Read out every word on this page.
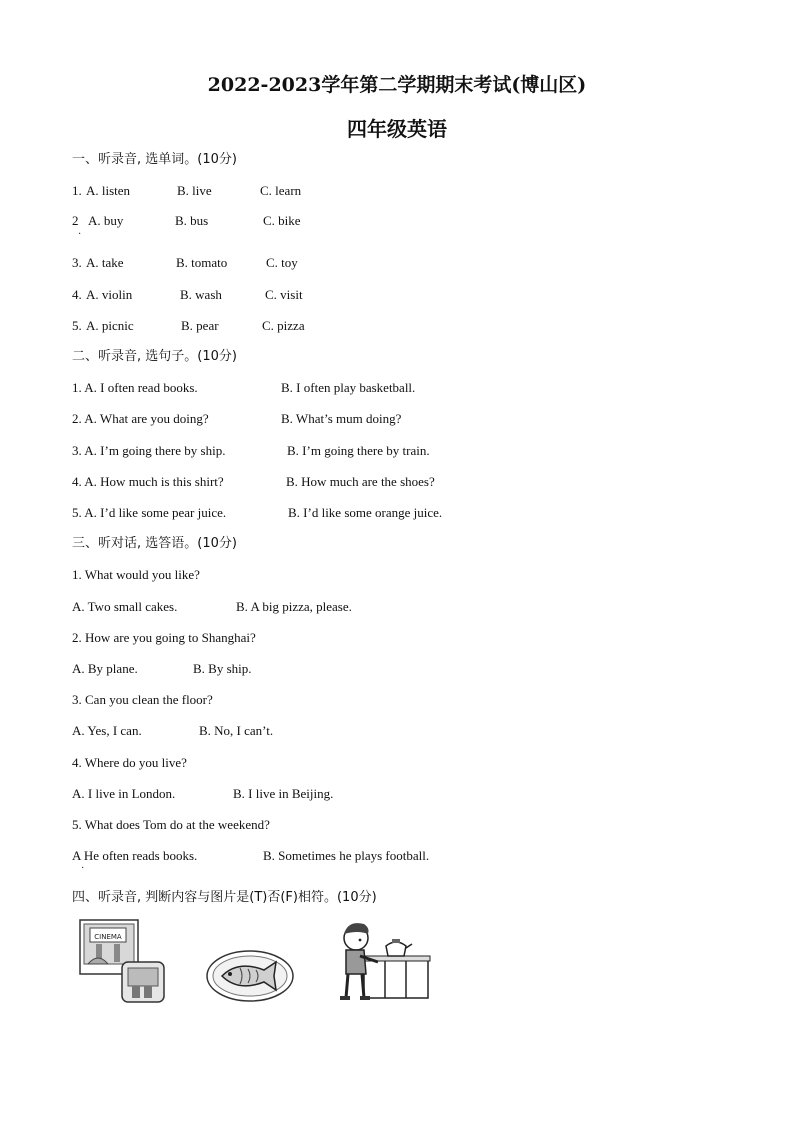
2022-2023学年第二学期期末考试(博山区)
四年级英语
一、听录音, 选单词。(10分)
1. A. listen	B. live	C. learn
2 A. buy	B. bus	C. bike
·
3. A. take	B. tomato	C. toy
4. A. violin	B. wash	C. visit
5. A. picnic	B. pear	C. pizza
二、听录音, 选句子。(10分)
1. A. I often read books.	B. I often play basketball.
2. A. What are you doing?	B. What’s mum doing?
3. A. I’m going there by ship.	B. I’m going there by train.
4. A. How much is this shirt?	B. How much are the shoes?
5. A. I’d like some pear juice.	B. I’d like some orange juice.
三、听对话, 选答语。(10分)
1. What would you like?
A. Two small cakes.	B. A big pizza, please.
2. How are you going to Shanghai?
A. By plane.	B. By ship.
3. Can you clean the floor?
A. Yes, I can.	B. No, I can’t.
4. Where do you live?
A. I live in London.	B. I live in Beijing.
5. What does Tom do at the weekend?
A He often reads books.	B. Sometimes he plays football.
·
四、听录音, 判断内容与图片是(T)否(F)相符。(10分)
CINEMA
